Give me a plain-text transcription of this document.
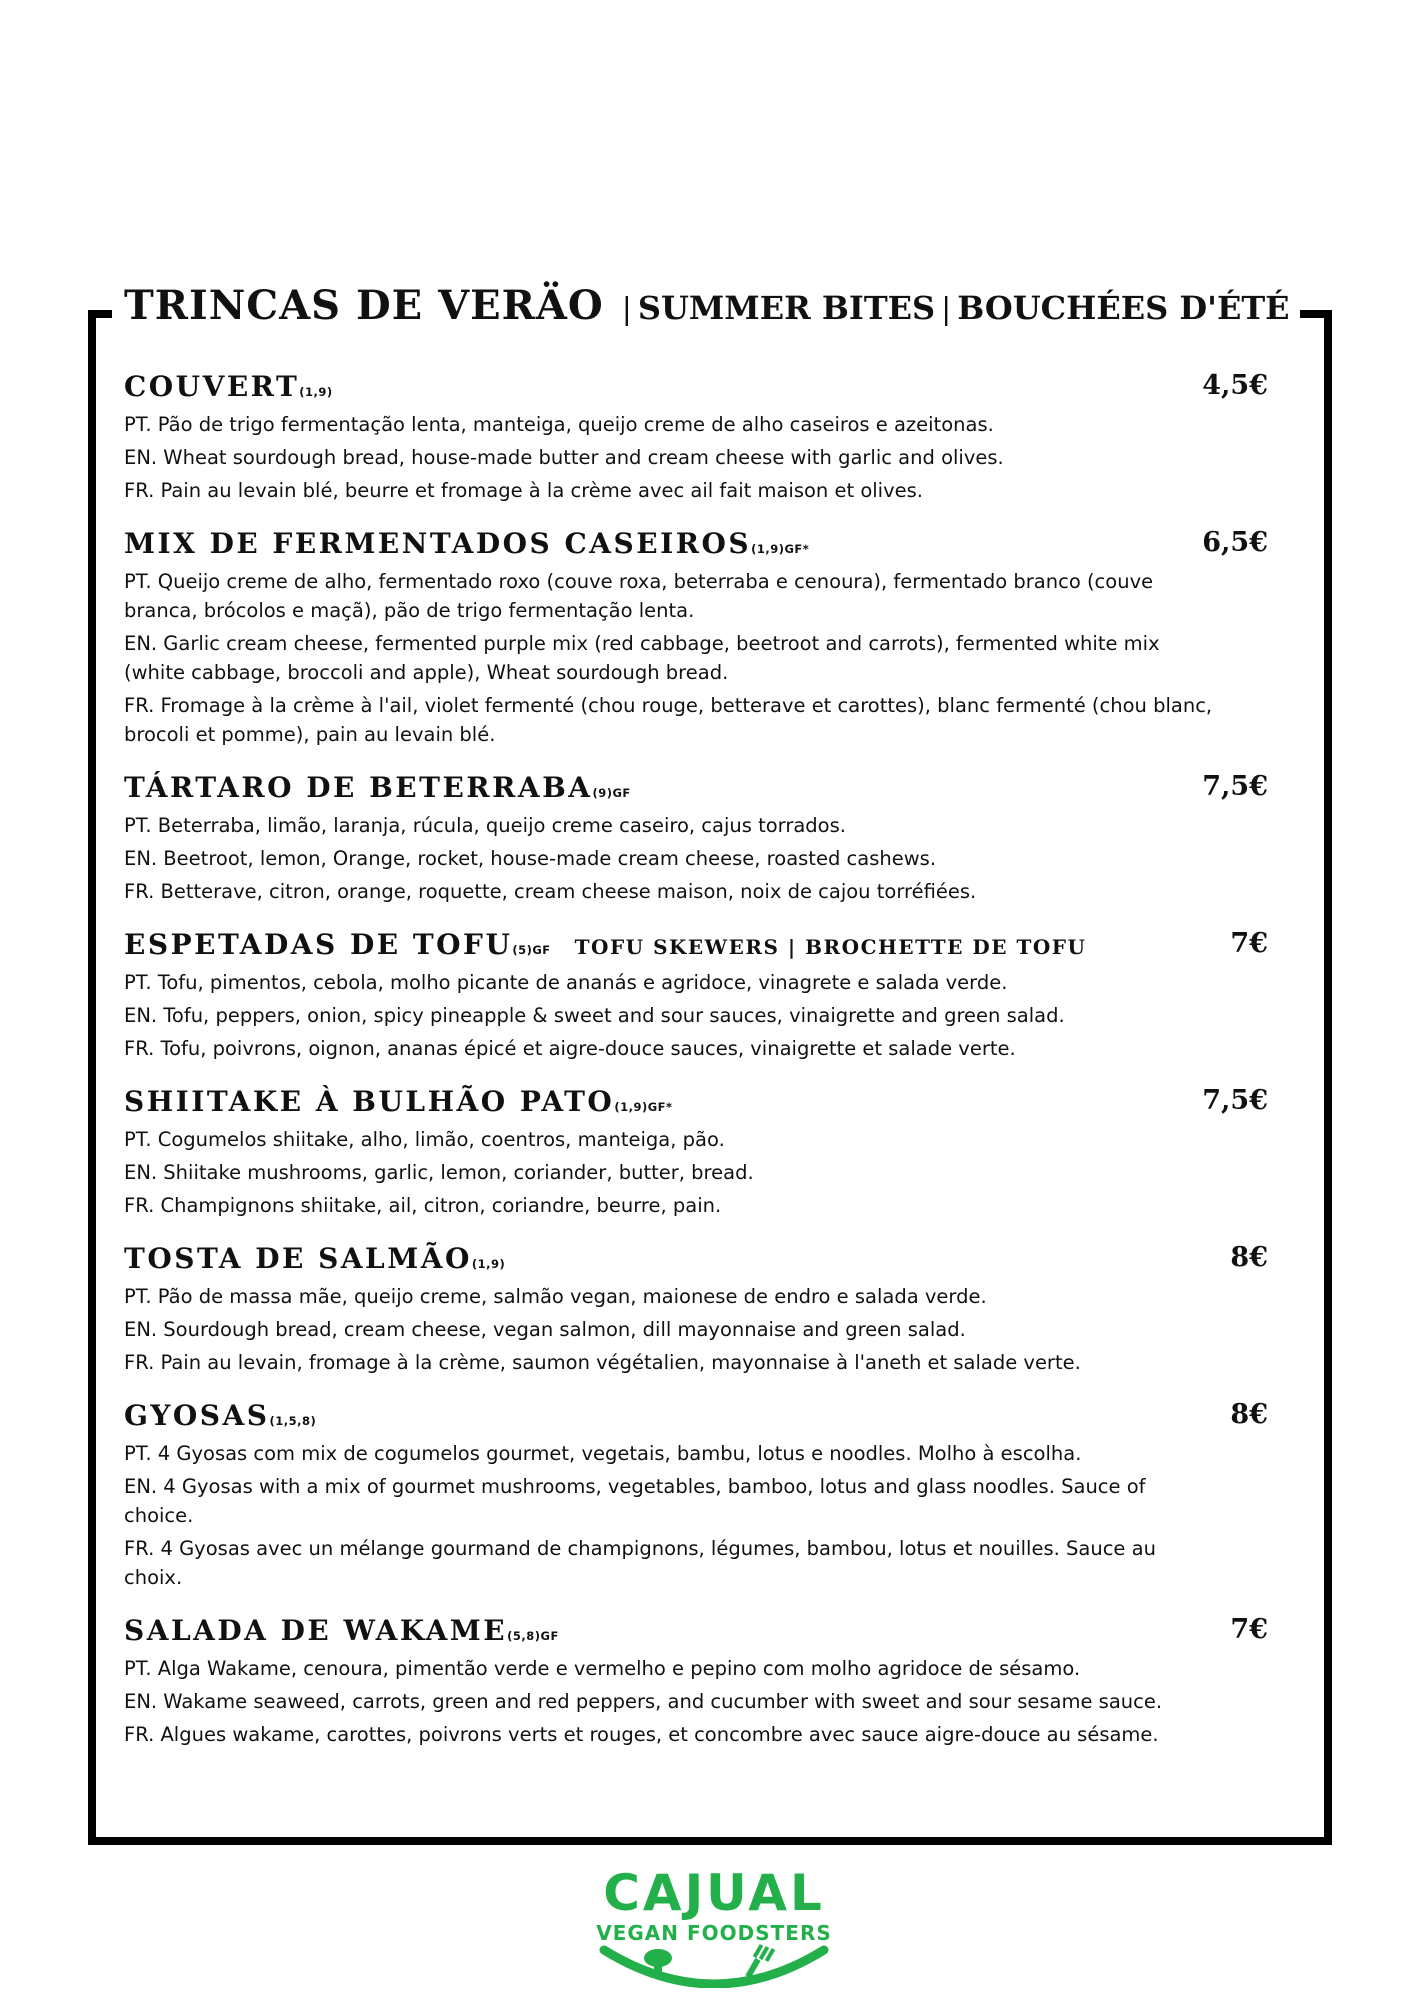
TRINCAS DE VERÄO | SUMMER BITES | BOUCHÉES D'ÉTÉ
COUVERT(1,9)	4,5€
PT. Pão de trigo fermentação lenta, manteiga, queijo creme de alho caseiros e azeitonas.
EN. Wheat sourdough bread, house-made butter and cream cheese with garlic and olives.
FR. Pain au levain blé, beurre et fromage à la crème avec ail fait maison et olives.
MIX DE FERMENTADOS CASEIROS(1,9)GF*	6,5€
PT. Queijo creme de alho, fermentado roxo (couve roxa, beterraba e cenoura), fermentado branco (couve branca, brócolos e maçã), pão de trigo fermentação lenta.
EN. Garlic cream cheese, fermented purple mix (red cabbage, beetroot and carrots), fermented white mix (white cabbage, broccoli and apple), Wheat sourdough bread.
FR. Fromage à la crème à l'ail, violet fermenté (chou rouge, betterave et carottes), blanc fermenté (chou blanc, brocoli et pomme), pain au levain blé.
TÁRTARO DE BETERRABA(9)GF	7,5€
PT. Beterraba, limão, laranja, rúcula, queijo creme caseiro, cajus torrados.
EN. Beetroot, lemon, Orange, rocket, house-made cream cheese, roasted cashews.
FR. Betterave, citron, orange, roquette, cream cheese maison, noix de cajou torréfiées.
ESPETADAS DE TOFU(5)GF TOFU SKEWERS | BROCHETTE DE TOFU	7€
PT. Tofu, pimentos, cebola, molho picante de ananás e agridoce, vinagrete e salada verde.
EN. Tofu, peppers, onion, spicy pineapple & sweet and sour sauces, vinaigrette and green salad.
FR. Tofu, poivrons, oignon, ananas épicé et aigre-douce sauces, vinaigrette et salade verte.
SHIITAKE À BULHÃO PATO(1,9)GF*	7,5€
PT. Cogumelos shiitake, alho, limão, coentros, manteiga, pão.
EN. Shiitake mushrooms, garlic, lemon, coriander, butter, bread.
FR. Champignons shiitake, ail, citron, coriandre, beurre, pain.
TOSTA DE SALMÃO(1,9)	8€
PT. Pão de massa mãe, queijo creme, salmão vegan, maionese de endro e salada verde.
EN. Sourdough bread, cream cheese, vegan salmon, dill mayonnaise and green salad.
FR. Pain au levain, fromage à la crème, saumon végétalien, mayonnaise à l'aneth et salade verte.
GYOSAS(1,5,8)	8€
PT. 4 Gyosas com mix de cogumelos gourmet, vegetais, bambu, lotus e noodles. Molho à escolha.
EN. 4 Gyosas with a mix of gourmet mushrooms, vegetables, bamboo, lotus and glass noodles. Sauce of choice.
FR. 4 Gyosas avec un mélange gourmand de champignons, légumes, bambou, lotus et nouilles. Sauce au choix.
SALADA DE WAKAME(5,8)GF	7€
PT. Alga Wakame, cenoura, pimentão verde e vermelho e pepino com molho agridoce de sésamo.
EN. Wakame seaweed, carrots, green and red peppers, and cucumber with sweet and sour sesame sauce.
FR. Algues wakame, carottes, poivrons verts et rouges, et concombre avec sauce aigre-douce au sésame.
CAJUAL
VEGAN FOODSTERS
